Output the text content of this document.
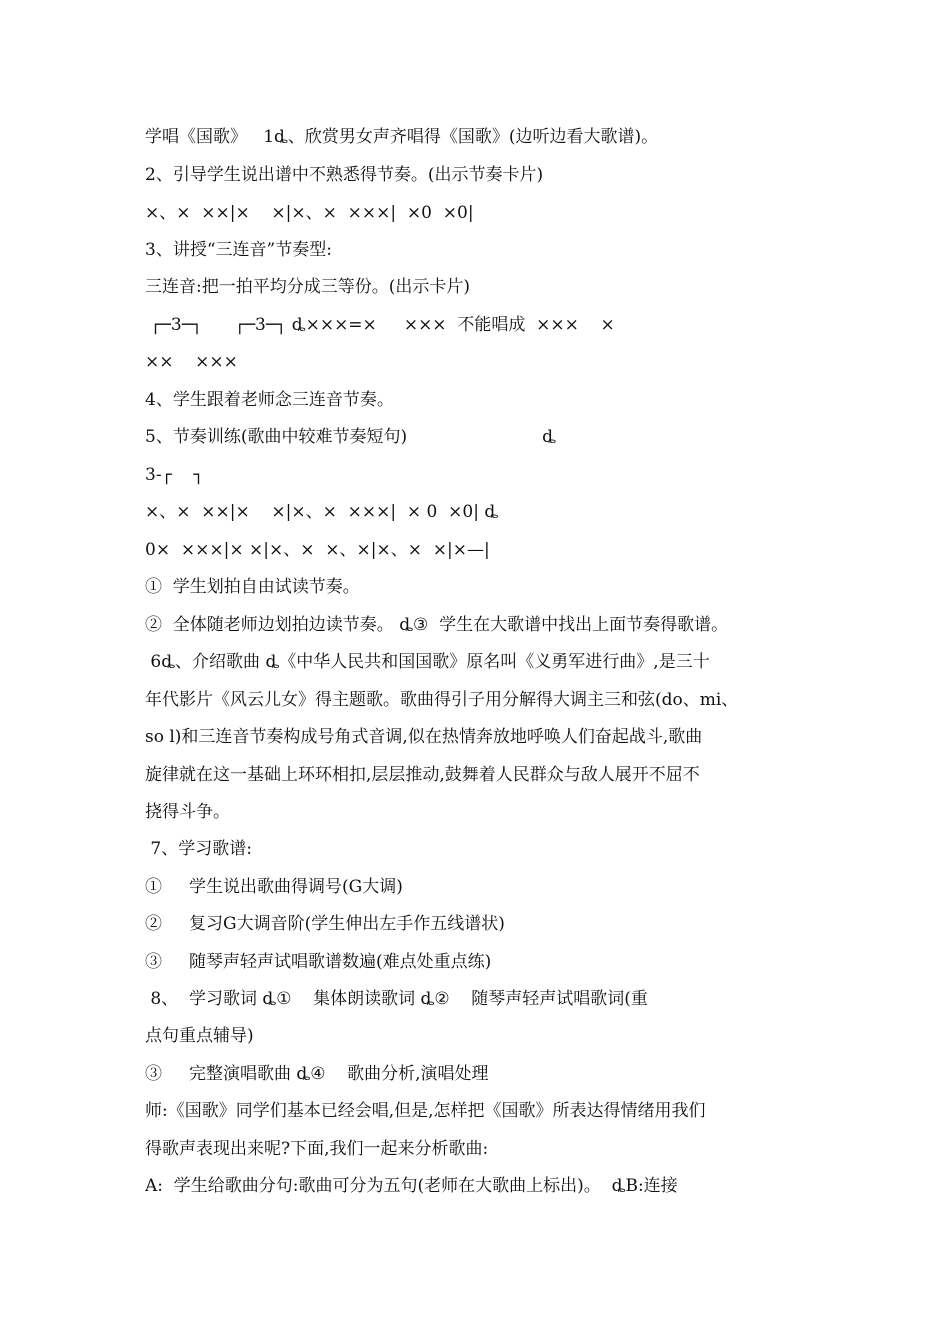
学唱《国歌》   1ȡ、欣赏男女声齐唱得《国歌》(边听边看大歌谱)。
2、引导学生说出谱中不熟悉得节奏。(出示节奏卡片)
×、×  ××|×    ×|×、×  ×××|  ×0  ×0|
3、讲授“三连音”节奏型:
三连音:把一拍平均分成三等份。(出示卡片)
┌─3─┐      ┌─3─┐ ȡ×××=×     ×××  不能唱成  ×××    ×
××    ×××
4、学生跟着老师念三连音节奏。
5、节奏训练(歌曲中较难节奏短句)                         ȡ
3-┌    ┐
×、×  ××|×    ×|×、×  ×××|  × 0  ×0| ȡ
0×  ×××|× ×|×、×  ×、×|×、×  ×|×—|
①  学生划拍自由试读节奏。
②  全体随老师边划拍边读节奏。 ȡ③  学生在大歌谱中找出上面节奏得歌谱。
6ȡ、介绍歌曲 ȡ《中华人民共和国国歌》原名叫《义勇军进行曲》,是三十
年代影片《风云儿女》得主题歌。歌曲得引子用分解得大调主三和弦(do、mi、
so l)和三连音节奏构成号角式音调,似在热情奔放地呼唤人们奋起战斗,歌曲
旋律就在这一基础上环环相扣,层层推动,鼓舞着人民群众与敌人展开不屈不
挠得斗争。
7、学习歌谱:
①     学生说出歌曲得调号(G大调)
②     复习G大调音阶(学生伸出左手作五线谱状)
③     随琴声轻声试唱歌谱数遍(难点处重点练)
8、  学习歌词 ȡ①    集体朗读歌词 ȡ②    随琴声轻声试唱歌词(重
点句重点辅导)
③     完整演唱歌曲 ȡ④    歌曲分析,演唱处理
师:《国歌》同学们基本已经会唱,但是,怎样把《国歌》所表达得情绪用我们
得歌声表现出来呢?下面,我们一起来分析歌曲:
A:  学生给歌曲分句:歌曲可分为五句(老师在大歌曲上标出)。  ȡB:连接
